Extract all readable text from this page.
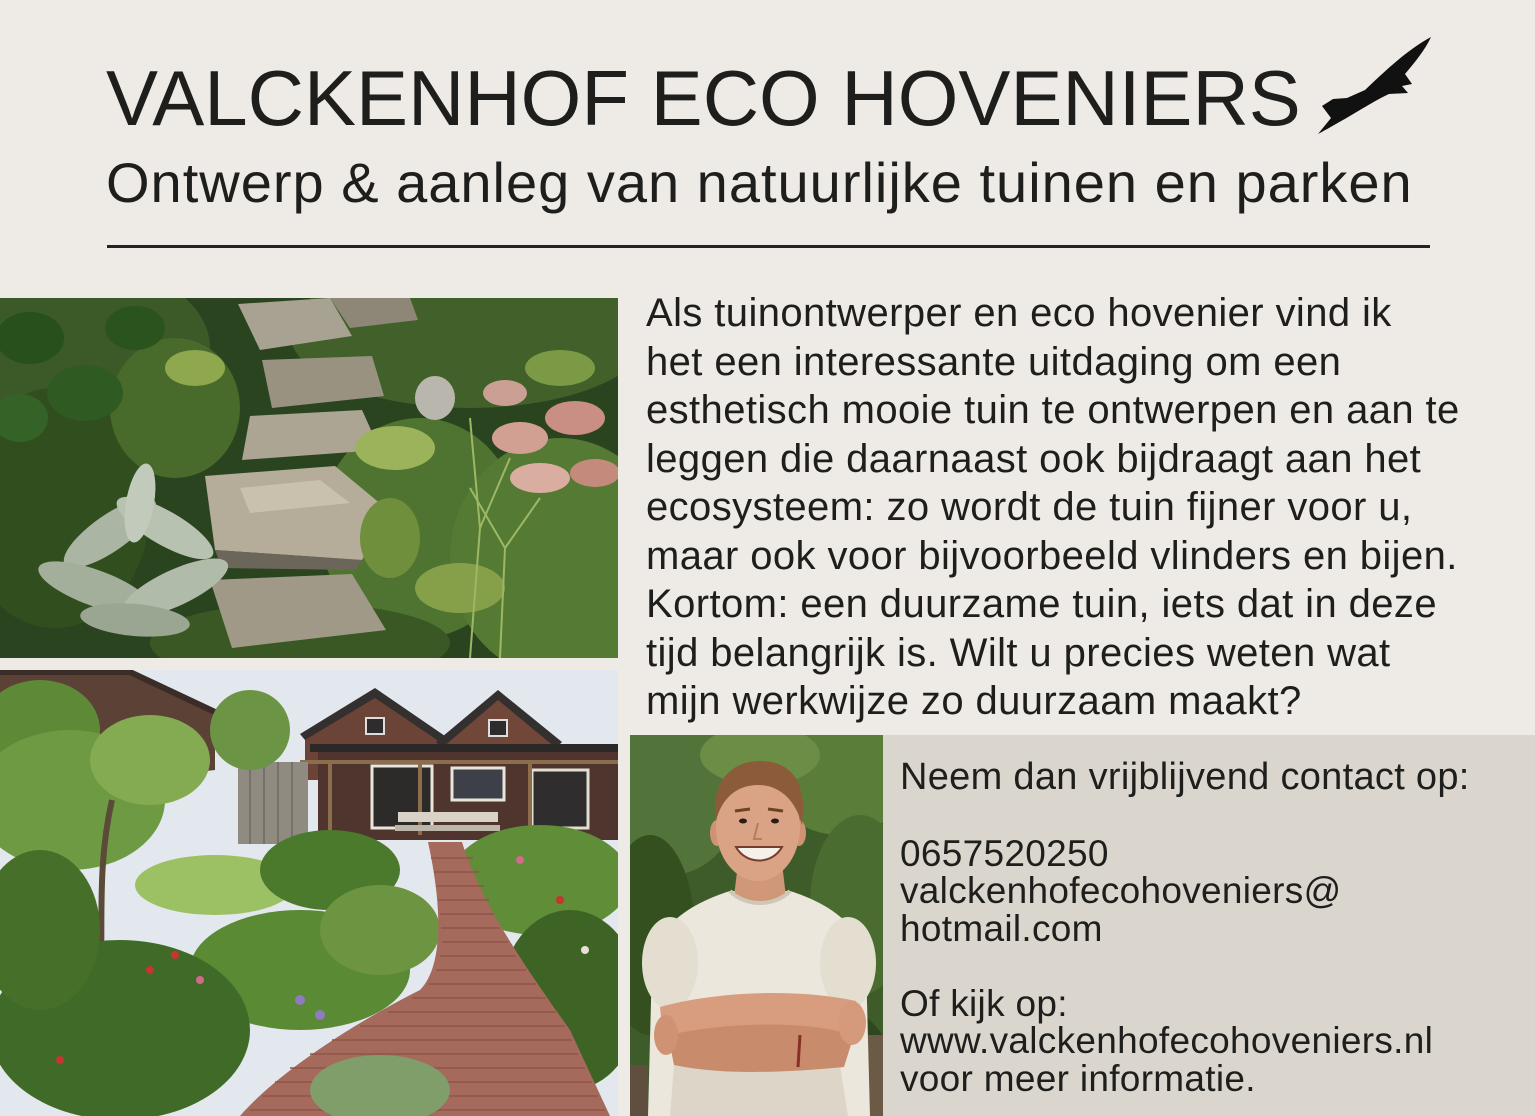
VALCKENHOF ECO HOVENIERS
Ontwerp & aanleg van natuurlijke tuinen en parken
Als tuinontwerper en eco hovenier vind ik
het een interessante uitdaging om een
esthetisch mooie tuin te ontwerpen en aan te
leggen die daarnaast ook bijdraagt aan het
ecosysteem: zo wordt de tuin fijner voor u,
maar ook voor bijvoorbeeld vlinders en bijen.
Kortom: een duurzame tuin, iets dat in deze
tijd belangrijk is. Wilt u precies weten wat
mijn werkwijze zo duurzaam maakt?
Neem dan vrijblijvend contact op:
0657520250
valckenhofecohoveniers@
hotmail.com
Of kijk op:
www.valckenhofecohoveniers.nl
voor meer informatie.
